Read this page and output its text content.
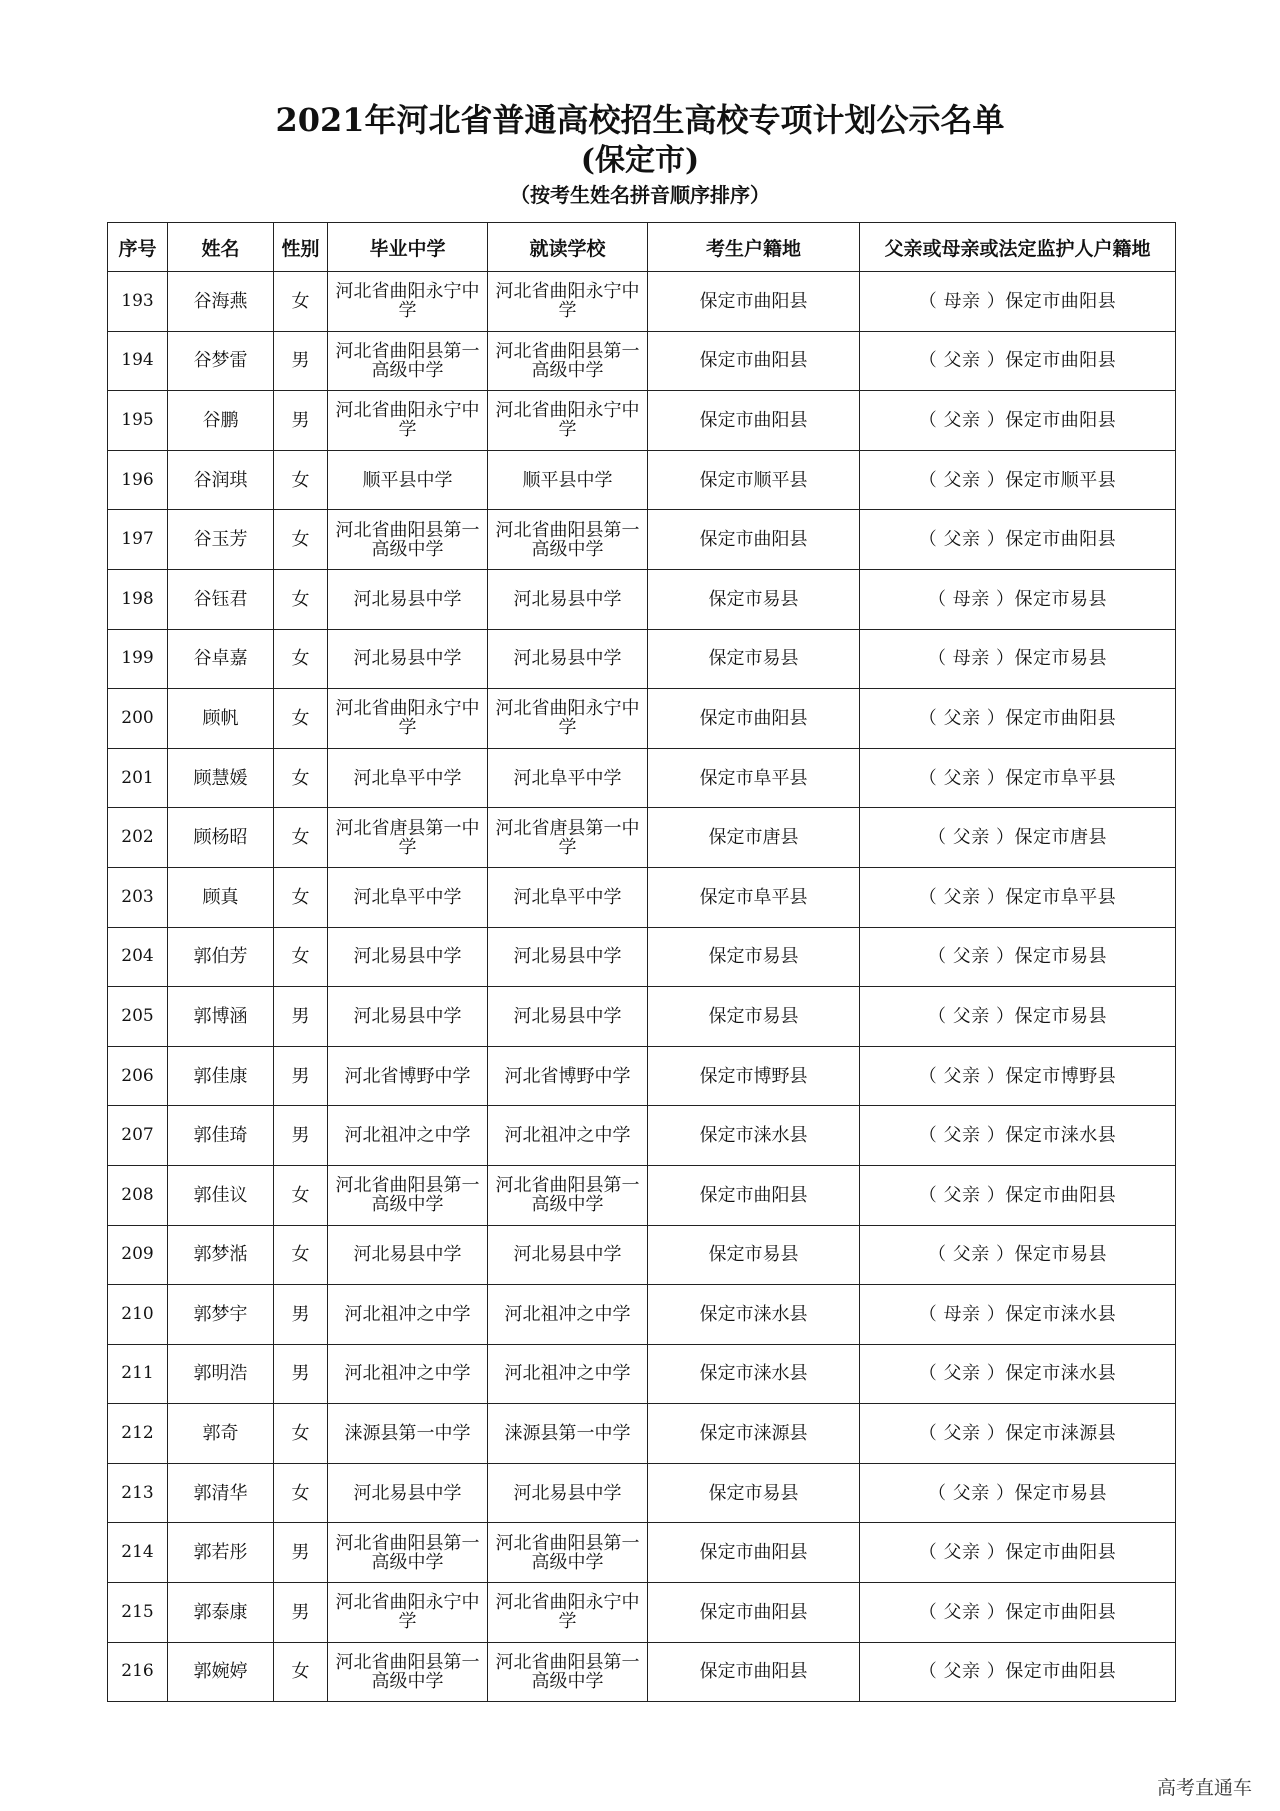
2021年河北省普通高校招生高校专项计划公示名单
(保定市)
（按考生姓名拼音顺序排序）
序号	姓名	性别	毕业中学	就读学校	考生户籍地	父亲或母亲或法定监护人户籍地
193	谷海燕	女	河北省曲阳永宁中学	河北省曲阳永宁中学	保定市曲阳县	（ 母亲 ）保定市曲阳县
194	谷梦雷	男	河北省曲阳县第一高级中学	河北省曲阳县第一高级中学	保定市曲阳县	（ 父亲 ）保定市曲阳县
195	谷鹏	男	河北省曲阳永宁中学	河北省曲阳永宁中学	保定市曲阳县	（ 父亲 ）保定市曲阳县
196	谷润琪	女	顺平县中学	顺平县中学	保定市顺平县	（ 父亲 ）保定市顺平县
197	谷玉芳	女	河北省曲阳县第一高级中学	河北省曲阳县第一高级中学	保定市曲阳县	（ 父亲 ）保定市曲阳县
198	谷钰君	女	河北易县中学	河北易县中学	保定市易县	（ 母亲 ）保定市易县
199	谷卓嘉	女	河北易县中学	河北易县中学	保定市易县	（ 母亲 ）保定市易县
200	顾帆	女	河北省曲阳永宁中学	河北省曲阳永宁中学	保定市曲阳县	（ 父亲 ）保定市曲阳县
201	顾慧媛	女	河北阜平中学	河北阜平中学	保定市阜平县	（ 父亲 ）保定市阜平县
202	顾杨昭	女	河北省唐县第一中学	河北省唐县第一中学	保定市唐县	（ 父亲 ）保定市唐县
203	顾真	女	河北阜平中学	河北阜平中学	保定市阜平县	（ 父亲 ）保定市阜平县
204	郭伯芳	女	河北易县中学	河北易县中学	保定市易县	（ 父亲 ）保定市易县
205	郭博涵	男	河北易县中学	河北易县中学	保定市易县	（ 父亲 ）保定市易县
206	郭佳康	男	河北省博野中学	河北省博野中学	保定市博野县	（ 父亲 ）保定市博野县
207	郭佳琦	男	河北祖冲之中学	河北祖冲之中学	保定市涞水县	（ 父亲 ）保定市涞水县
208	郭佳议	女	河北省曲阳县第一高级中学	河北省曲阳县第一高级中学	保定市曲阳县	（ 父亲 ）保定市曲阳县
209	郭梦湉	女	河北易县中学	河北易县中学	保定市易县	（ 父亲 ）保定市易县
210	郭梦宇	男	河北祖冲之中学	河北祖冲之中学	保定市涞水县	（ 母亲 ）保定市涞水县
211	郭明浩	男	河北祖冲之中学	河北祖冲之中学	保定市涞水县	（ 父亲 ）保定市涞水县
212	郭奇	女	涞源县第一中学	涞源县第一中学	保定市涞源县	（ 父亲 ）保定市涞源县
213	郭清华	女	河北易县中学	河北易县中学	保定市易县	（ 父亲 ）保定市易县
214	郭若彤	男	河北省曲阳县第一高级中学	河北省曲阳县第一高级中学	保定市曲阳县	（ 父亲 ）保定市曲阳县
215	郭泰康	男	河北省曲阳永宁中学	河北省曲阳永宁中学	保定市曲阳县	（ 父亲 ）保定市曲阳县
216	郭婉婷	女	河北省曲阳县第一高级中学	河北省曲阳县第一高级中学	保定市曲阳县	（ 父亲 ）保定市曲阳县
高考直通车
